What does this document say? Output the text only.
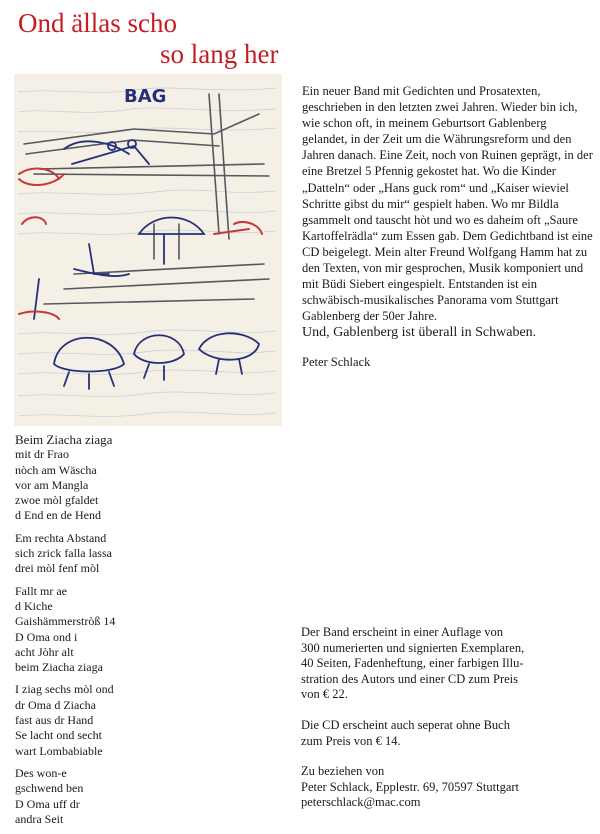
Ond ällas scho
so lang her
BAG	Ein neuer Band mit Gedichten und Prosatexten, geschrieben in den letzten zwei Jahren. Wieder bin ich, wie schon oft, in meinem Geburtsort Gablenberg gelandet, in der Zeit um die Währungsreform und den Jahren danach. Eine Zeit, noch von Ruinen geprägt, in der eine Bretzel 5 Pfennig gekostet hat. Wo die Kinder „Datteln“ oder „Hans guck rom“ und „Kaiser wieviel Schritte gibst du mir“ gespielt haben. Wo mr Bildla gsammelt ond tauscht hòt und wo es daheim oft „Saure Kartoffelrädla“ zum Essen gab. Dem Gedichtband ist eine CD beigelegt. Mein alter Freund Wolfgang Hamm hat zu den Texten, von mir gesprochen, Musik komponiert und mit Büdi Siebert eingespielt. Entstanden ist ein schwäbisch-musikalisches Panorama vom Stuttgart Gablenberg der 50er Jahre.

Und, Gablenberg ist überall in Schwaben.

Peter Schlack

Beim Ziacha ziaga
mit dr Frao
nòch am Wäscha
vor am Mangla
zwoe mòl gfaldet
d End en de Hend
Em rechta Abstand
sich zrick falla lassa
drei mòl fenf mòl
Fallt mr ae
d Kiche
Gaishämmerstròß 14
D Oma ond i
acht Jòhr alt
beim Ziacha ziaga
I ziag sechs mòl ond
dr Oma d Ziacha
fast aus dr Hand
Se lacht ond secht
wart Lombabiable
Des won-e
gschwend ben
D Oma uff dr
andra Seit

Der Band erscheint in einer Auflage von
300 numerierten und signierten Exemplaren,
40 Seiten, Fadenheftung, einer farbigen Illu-
stration des Autors und einer CD zum Preis
von € 22.

Die CD erscheint auch seperat ohne Buch
zum Preis von € 14.

Zu beziehen von
Peter Schlack, Epplestr. 69, 70597 Stuttgart
peterschlack@mac.com
